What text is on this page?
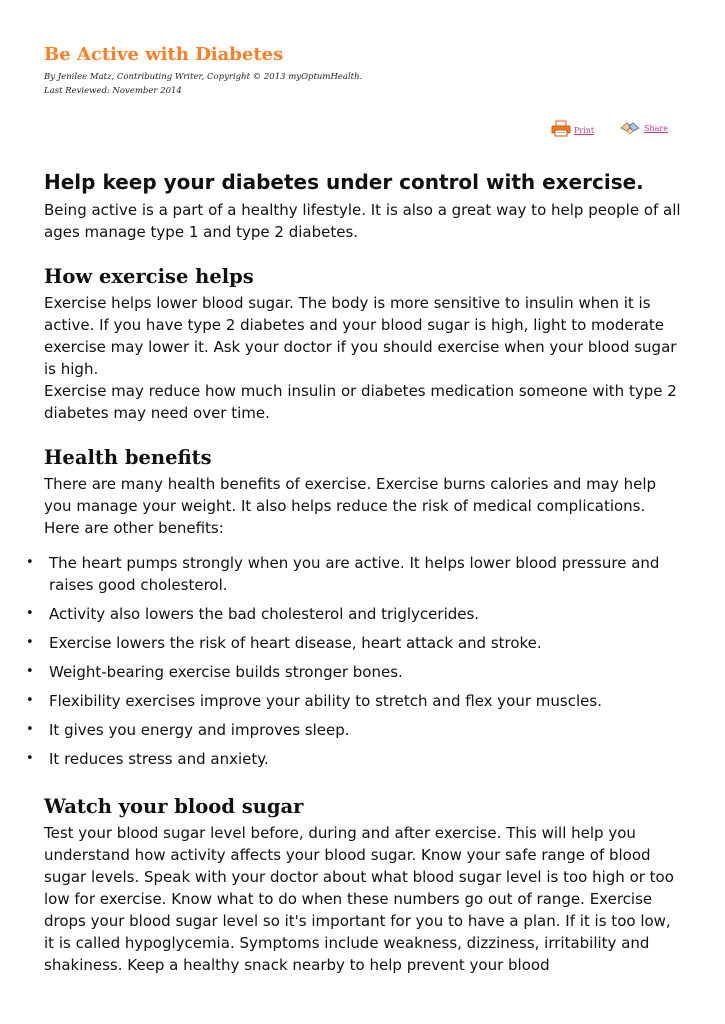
Be Active with Diabetes
By Jenilee Matz, Contributing Writer, Copyright © 2013 myOptumHealth.
Last Reviewed: November 2014
Print	Share
Help keep your diabetes under control with exercise.

Being active is a part of a healthy lifestyle. It is also a great way to help people of all ages manage type 1 and type 2 diabetes.

How exercise helps

Exercise helps lower blood sugar. The body is more sensitive to insulin when it is active. If you have type 2 diabetes and your blood sugar is high, light to moderate exercise may lower it. Ask your doctor if you should exercise when your blood sugar is high.

Exercise may reduce how much insulin or diabetes medication someone with type 2 diabetes may need over time.

Health benefits

There are many health benefits of exercise. Exercise burns calories and may help you manage your weight. It also helps reduce the risk of medical complications. Here are other benefits:

• The heart pumps strongly when you are active. It helps lower blood pressure and raises good cholesterol.
• Activity also lowers the bad cholesterol and triglycerides.
• Exercise lowers the risk of heart disease, heart attack and stroke.
• Weight-bearing exercise builds stronger bones.
• Flexibility exercises improve your ability to stretch and flex your muscles.
• It gives you energy and improves sleep.
• It reduces stress and anxiety.
Watch your blood sugar

Test your blood sugar level before, during and after exercise. This will help you understand how activity affects your blood sugar. Know your safe range of blood sugar levels. Speak with your doctor about what blood sugar level is too high or too low for exercise. Know what to do when these numbers go out of range. Exercise drops your blood sugar level so it's important for you to have a plan. If it is too low, it is called hypoglycemia. Symptoms include weakness, dizziness, irritability and shakiness. Keep a healthy snack nearby to help prevent your blood
